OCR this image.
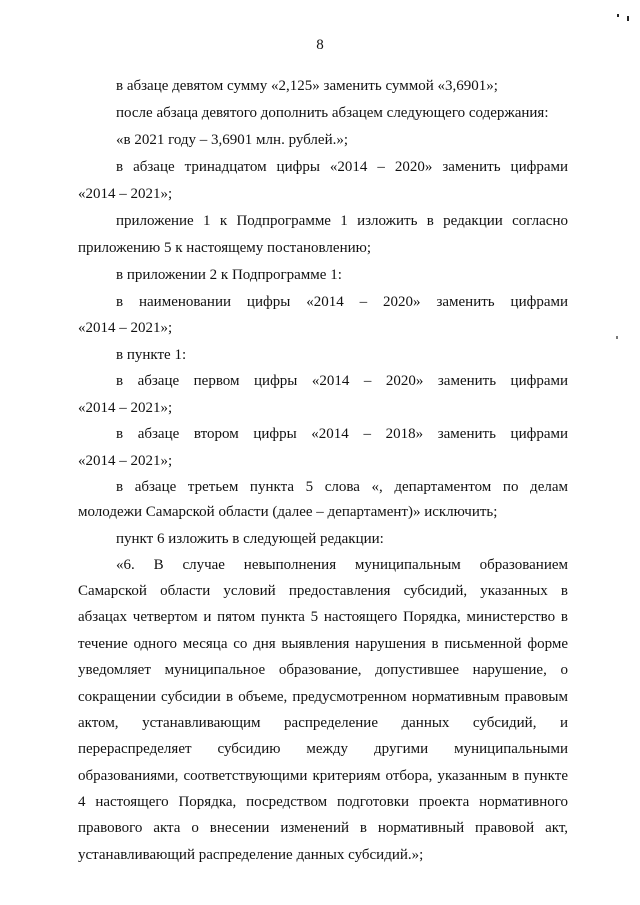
8
в абзаце девятом сумму «2,125» заменить суммой «3,6901»;
после абзаца девятого дополнить абзацем следующего содержания:
«в 2021 году – 3,6901 млн. рублей.»;
в абзаце тринадцатом цифры «2014 – 2020» заменить цифрами
«2014 – 2021»;
приложение 1 к Подпрограмме 1 изложить в редакции согласно
приложению 5 к настоящему постановлению;
в приложении 2 к Подпрограмме 1:
в наименовании цифры «2014 – 2020» заменить цифрами
«2014 – 2021»;
в пункте 1:
в абзаце первом цифры «2014 – 2020» заменить цифрами
«2014 – 2021»;
в абзаце втором цифры «2014 – 2018» заменить цифрами
«2014 – 2021»;
в абзаце третьем пункта 5 слова «, департаментом по делам
молодежи Самарской области (далее – департамент)» исключить;
пункт 6 изложить в следующей редакции:
«6. В случае невыполнения муниципальным образованием
Самарской области условий предоставления субсидий, указанных в
абзацах четвертом и пятом пункта 5 настоящего Порядка, министерство в
течение одного месяца со дня выявления нарушения в письменной форме
уведомляет муниципальное образование, допустившее нарушение, о
сокращении субсидии в объеме, предусмотренном нормативным правовым
актом, устанавливающим распределение данных субсидий, и
перераспределяет субсидию между другими муниципальными
образованиями, соответствующими критериям отбора, указанным в пункте
4 настоящего Порядка, посредством подготовки проекта нормативного
правового акта о внесении изменений в нормативный правовой акт,
устанавливающий распределение данных субсидий.»;
